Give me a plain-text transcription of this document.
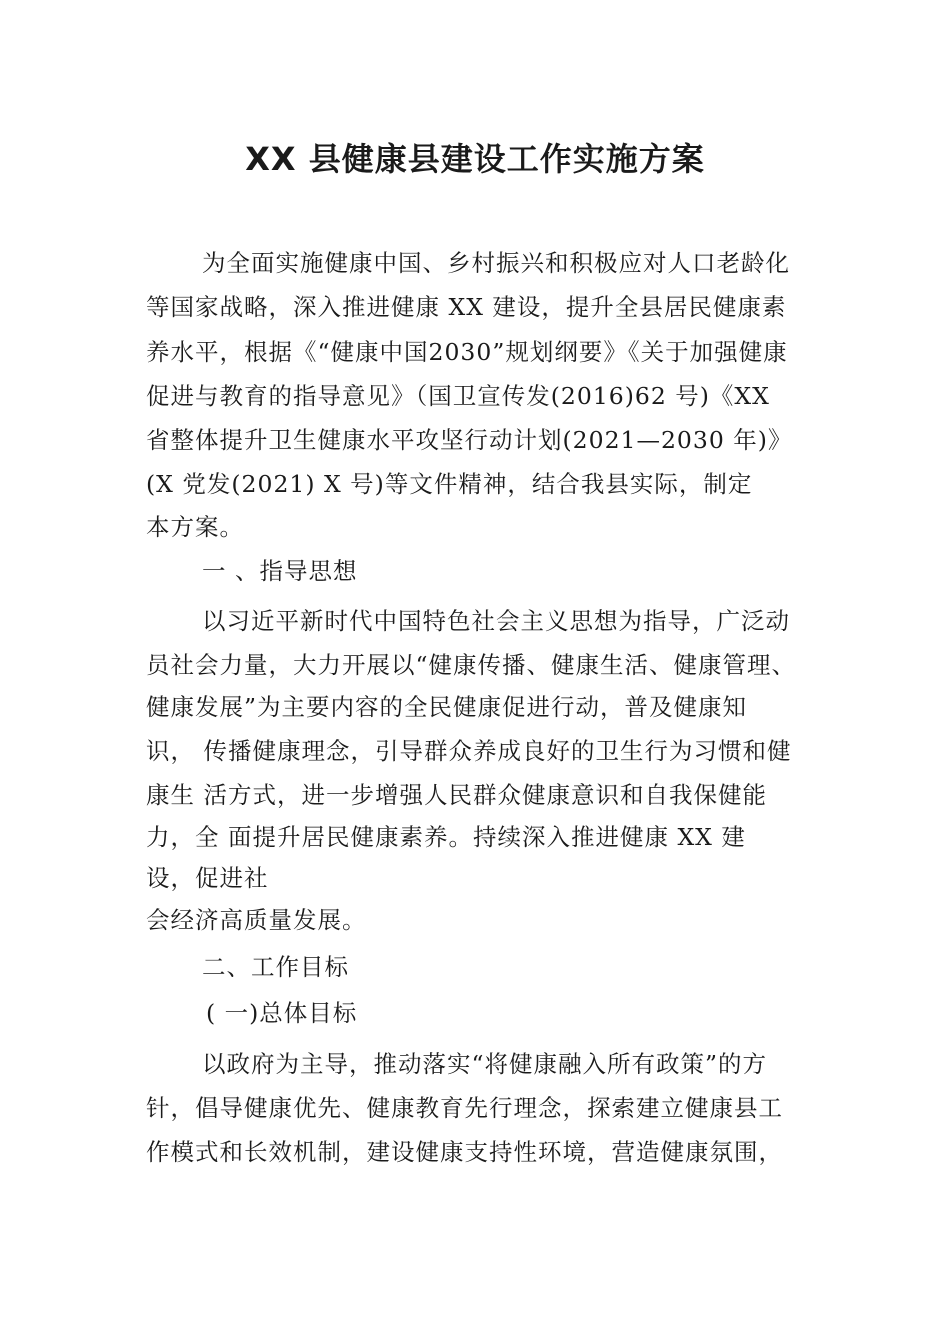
XX 县健康县建设工作实施方案
为全面实施健康中国、乡村振兴和积极应对人口老龄化
等国家战略，深入推进健康 XX 建设，提升全县居民健康素
养水平，根据《“健康中国2030”规划纲要》《关于加强健康
促进与教育的指导意见》（国卫宣传发(2016)62 号)《XX
省整体提升卫生健康水平攻坚行动计划(2021—2030 年)》
(X 党发(2021) X 号)等文件精神，结合我县实际，制定
本方案。
一 、指导思想
以习近平新时代中国特色社会主义思想为指导，广泛动
员社会力量，大力开展以“健康传播、健康生活、健康管理、
健康发展”为主要内容的全民健康促进行动，普及健康知
识， 传播健康理念，引导群众养成良好的卫生行为习惯和健
康生 活方式，进一步增强人民群众健康意识和自我保健能
力，全 面提升居民健康素养。持续深入推进健康 XX 建
设，促进社
会经济高质量发展。
二、工作目标
( 一)总体目标
以政府为主导，推动落实“将健康融入所有政策”的方
针，倡导健康优先、健康教育先行理念，探索建立健康县工
作模式和长效机制，建设健康支持性环境，营造健康氛围，
